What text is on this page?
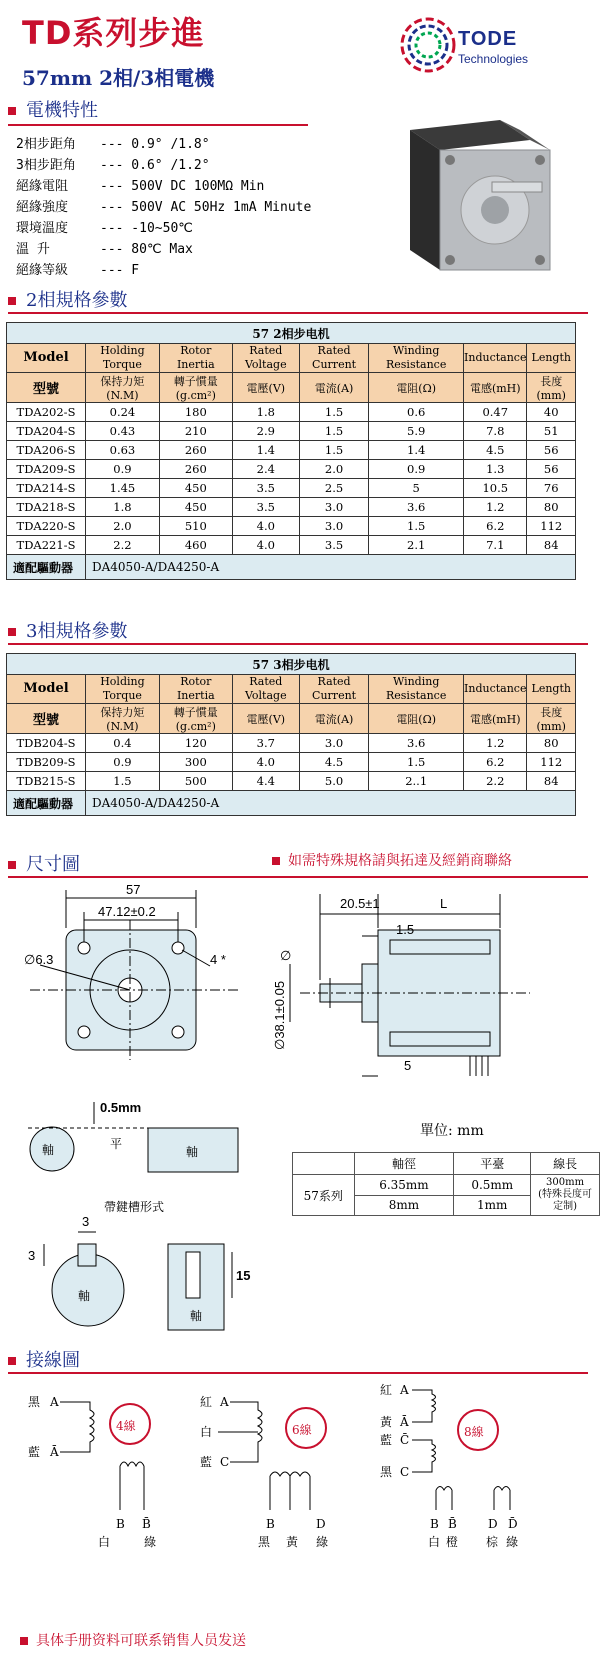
TD系列步進
57mm 2相/3相電機
TODE
Technologies
電機特性
2相步距角 --- 0.9° /1.8°
3相步距角 --- 0.6° /1.2°
絕緣電阻 --- 500V DC 100MΩ Min
絕緣強度 --- 500V AC 50Hz 1mA Minute
環境溫度 --- -10~50℃
溫 升	--- 80℃ Max
絕緣等級 --- F
2相規格參數
57 2相步电机							
Model	Holding Torque	Rotor Inertia	Rated Voltage	Rated Current	Winding Resistance	Inductance	Length
型號	保持力矩 (N.M)	轉子慣量 (g.cm²)	電壓(V)	電流(A)	電阻(Ω)	電感(mH)	長度(mm)
TDA202-S	0.24	180	1.8	1.5	0.6	0.47	40
TDA204-S	0.43	210	2.9	1.5	5.9	7.8	51
TDA206-S	0.63	260	1.4	1.5	1.4	4.5	56
TDA209-S	0.9	260	2.4	2.0	0.9	1.3	56
TDA214-S	1.45	450	3.5	2.5	5	10.5	76
TDA218-S	1.8	450	3.5	3.0	3.6	1.2	80
TDA220-S	2.0	510	4.0	3.0	1.5	6.2	112
TDA221-S	2.2	460	4.0	3.5	2.1	7.1	84
適配驅動器	DA4050-A/DA4250-A						
3相規格參數
57 3相步电机							
Model	Holding Torque	Rotor Inertia	Rated Voltage	Rated Current	Winding Resistance	Inductance	Length
型號	保持力矩 (N.M)	轉子慣量 (g.cm²)	電壓(V)	電流(A)	電阻(Ω)	電感(mH)	長度(mm)
TDB204-S	0.4	120	3.7	3.0	3.6	1.2	80
TDB209-S	0.9	300	4.0	4.5	1.5	6.2	112
TDB215-S	1.5	500	4.4	5.0	2..1	2.2	84
適配驅動器	DA4050-A/DA4250-A						
尺寸圖	如需特殊規格請與拓達及經銷商聯絡
57
47.12±0.2
∅6.3	4 *
20.5±1	L
1.5
∅
∅38.1±0.05
5
0.5mm
軸	平
軸
單位: mm
	軸徑	平臺	線長
57系列	6.35mm	0.5mm	300mm
(特殊長度可定制)

	8mm	1mm	
帶鍵槽形式
3
3
軸
15
軸
接線圖
黑 A
藍 Ā
4線
B B̄
白	綠
紅 A
白
藍 C
6線
B	D
黑 黃 綠
紅 A
黃 Ā
藍 C̄
黑 C
8線
B B̄	D D̄
白 橙 棕 綠
具体手册资料可联系销售人员发送
